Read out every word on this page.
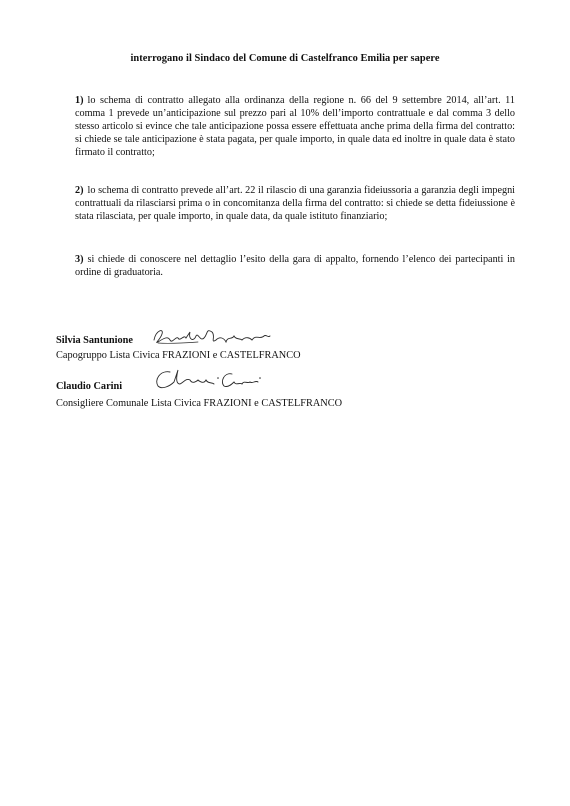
interrogano il Sindaco del Comune di Castelfranco Emilia per sapere
1) lo schema di contratto allegato alla ordinanza della regione n. 66 del 9 settembre 2014, all’art. 11 comma 1 prevede un’anticipazione sul prezzo pari al 10% dell’importo contrattuale e dal comma 3 dello stesso articolo si evince che tale anticipazione possa essere effettuata anche prima della firma del contratto: si chiede se tale anticipazione è stata pagata, per quale importo, in quale data ed inoltre in quale data è stato firmato il contratto;
2) lo schema di contratto prevede all’art. 22 il rilascio di una garanzia fideiussoria a garanzia degli impegni contrattuali da rilasciarsi prima o in concomitanza della firma del contratto: si chiede se detta fideiussione è stata rilasciata, per quale importo, in quale data, da quale istituto finanziario;
3) si chiede di conoscere nel dettaglio l’esito della gara di appalto, fornendo l’elenco dei partecipanti in ordine di graduatoria.
Silvia Santunione
Capogruppo Lista Civica FRAZIONI e CASTELFRANCO
Claudio Carini
Consigliere Comunale Lista Civica FRAZIONI e CASTELFRANCO
